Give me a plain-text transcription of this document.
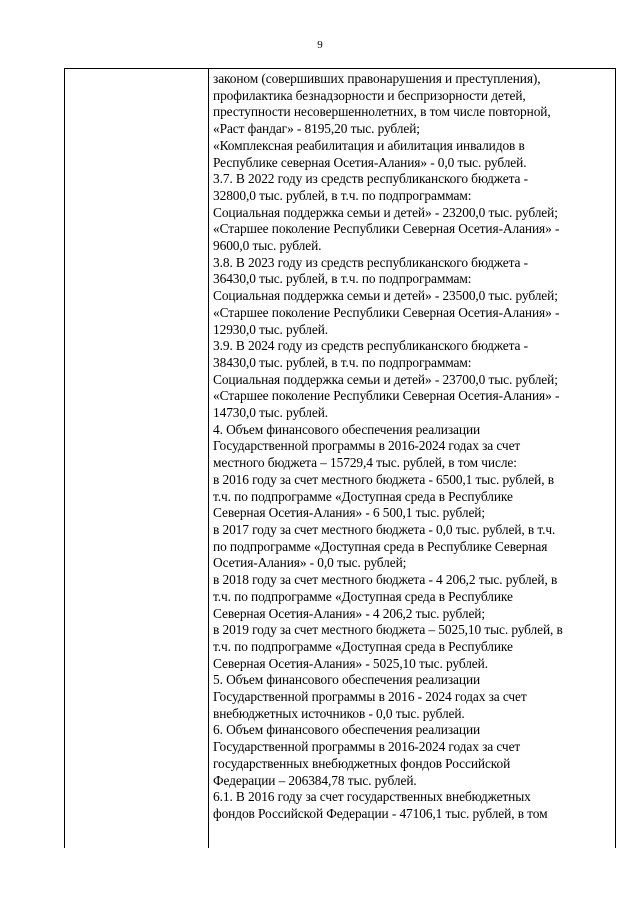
9
законом (совершивших правонарушения и преступления),
профилактика безнадзорности и беспризорности детей,
преступности несовершеннолетних, в том числе повторной,
«Раст фандаг» - 8195,20 тыс. рублей;
«Комплексная реабилитация и абилитация инвалидов в
Республике северная Осетия-Алания» - 0,0 тыс. рублей.
3.7. В 2022 году из средств республиканского бюджета -
32800,0 тыс. рублей, в т.ч. по подпрограммам:
Социальная поддержка семьи и детей» - 23200,0 тыс. рублей;
«Старшее поколение Республики Северная Осетия-Алания» -
9600,0 тыс. рублей.
3.8. В 2023 году из средств республиканского бюджета -
36430,0 тыс. рублей, в т.ч. по подпрограммам:
Социальная поддержка семьи и детей» - 23500,0 тыс. рублей;
«Старшее поколение Республики Северная Осетия-Алания» -
12930,0 тыс. рублей.
3.9. В 2024 году из средств республиканского бюджета -
38430,0 тыс. рублей, в т.ч. по подпрограммам:
Социальная поддержка семьи и детей» - 23700,0 тыс. рублей;
«Старшее поколение Республики Северная Осетия-Алания» -
14730,0 тыс. рублей.
4. Объем финансового обеспечения реализации
Государственной программы в 2016-2024 годах за счет
местного бюджета – 15729,4 тыс. рублей, в том числе:
в 2016 году за счет местного бюджета - 6500,1 тыс. рублей, в
т.ч. по подпрограмме «Доступная среда в Республике
Северная Осетия-Алания» - 6 500,1 тыс. рублей;
в 2017 году за счет местного бюджета - 0,0 тыс. рублей, в т.ч.
по подпрограмме «Доступная среда в Республике Северная
Осетия-Алания» - 0,0 тыс. рублей;
в 2018 году за счет местного бюджета - 4 206,2 тыс. рублей, в
т.ч. по подпрограмме «Доступная среда в Республике
Северная Осетия-Алания» - 4 206,2 тыс. рублей;
в 2019 году за счет местного бюджета – 5025,10 тыс. рублей, в
т.ч. по подпрограмме «Доступная среда в Республике
Северная Осетия-Алания» - 5025,10 тыс. рублей.
5. Объем финансового обеспечения реализации
Государственной программы в 2016 - 2024 годах за счет
внебюджетных источников - 0,0 тыс. рублей.
6. Объем финансового обеспечения реализации
Государственной программы в 2016-2024 годах за счет
государственных внебюджетных фондов Российской
Федерации – 206384,78 тыс. рублей.
6.1. В 2016 году за счет государственных внебюджетных
фондов Российской Федерации - 47106,1 тыс. рублей, в том
